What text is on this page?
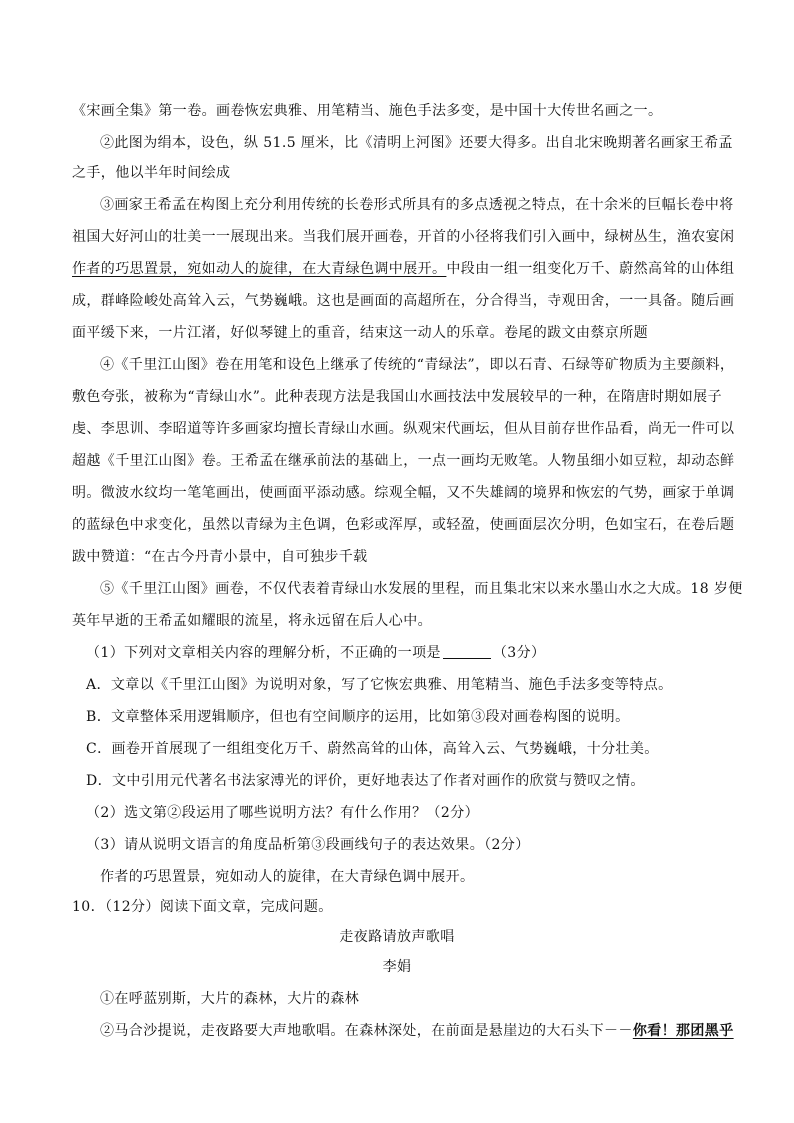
《宋画全集》第一卷。画卷恢宏典雅、用笔精当、施色手法多变，是中国十大传世名画之一。
②此图为绢本，设色，纵 51.5 厘米，比《清明上河图》还要大得多。出自北宋晚期著名画家王希孟
之手，他以半年时间绘成
③画家王希孟在构图上充分利用传统的长卷形式所具有的多点透视之特点，在十余米的巨幅长卷中将
祖国大好河山的壮美一一展现出来。当我们展开画卷，开首的小径将我们引入画中，绿树丛生，渔农宴闲
作者的巧思置景，宛如动人的旋律，在大青绿色调中展开。中段由一组一组变化万千、蔚然高耸的山体组
成，群峰险峻处高耸入云，气势巍峨。这也是画面的高超所在，分合得当，寺观田舍，一一具备。随后画
面平缓下来，一片江渚，好似琴键上的重音，结束这一动人的乐章。卷尾的跋文由蔡京所题
④《千里江山图》卷在用笔和设色上继承了传统的“青绿法”，即以石青、石绿等矿物质为主要颜料，
敷色夸张，被称为“青绿山水”。此种表现方法是我国山水画技法中发展较早的一种，在隋唐时期如展子
虔、李思训、李昭道等许多画家均擅长青绿山水画。纵观宋代画坛，但从目前存世作品看，尚无一件可以
超越《千里江山图》卷。王希孟在继承前法的基础上，一点一画均无败笔。人物虽细小如豆粒，却动态鲜
明。微波水纹均一笔笔画出，使画面平添动感。综观全幅，又不失雄阔的境界和恢宏的气势，画家于单调
的蓝绿色中求变化，虽然以青绿为主色调，色彩或浑厚，或轻盈，使画面层次分明，色如宝石，在卷后题
跋中赞道：“在古今丹青小景中，自可独步千载
⑤《千里江山图》画卷，不仅代表着青绿山水发展的里程，而且集北宋以来水墨山水之大成。18 岁便
英年早逝的王希孟如耀眼的流星，将永远留在后人心中。
（1）下列对文章相关内容的理解分析，不正确的一项是	（3分）
A．文章以《千里江山图》为说明对象，写了它恢宏典雅、用笔精当、施色手法多变等特点。
B．文章整体采用逻辑顺序，但也有空间顺序的运用，比如第③段对画卷构图的说明。
C．画卷开首展现了一组组变化万千、蔚然高耸的山体，高耸入云、气势巍峨，十分壮美。
D．文中引用元代著名书法家溥光的评价，更好地表达了作者对画作的欣赏与赞叹之情。
（2）选文第②段运用了哪些说明方法？有什么作用？（2分）
（3）请从说明文语言的角度品析第③段画线句子的表达效果。（2分）
作者的巧思置景，宛如动人的旋律，在大青绿色调中展开。
10．（12分）阅读下面文章，完成问题。
走夜路请放声歌唱
李娟
①在呼蓝别斯，大片的森林，大片的森林
②马合沙提说，走夜路要大声地歌唱。在森林深处，在前面是悬崖边的大石头下－－你看！那团黑乎
